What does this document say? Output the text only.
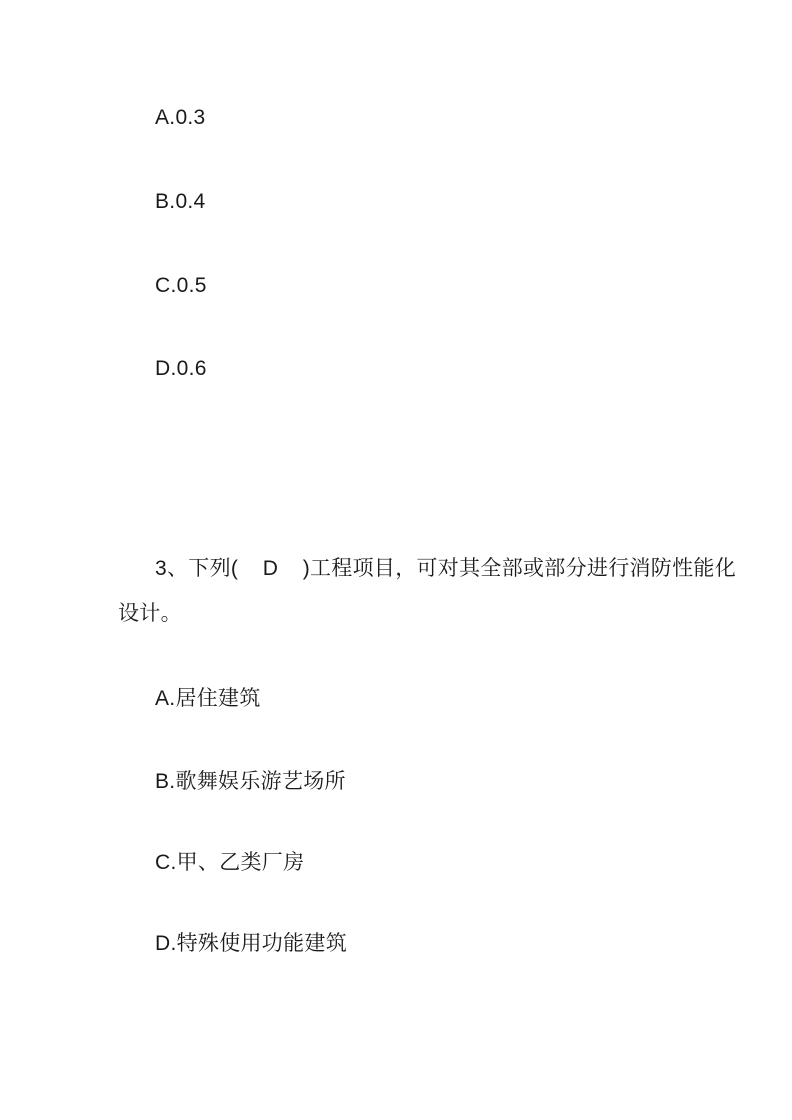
A.0.3
B.0.4
C.0.5
D.0.6
3、下列(    D    )工程项目，可对其全部或部分进行消防性能化
设计。
A.居住建筑
B.歌舞娱乐游艺场所
C.甲、乙类厂房
D.特殊使用功能建筑
